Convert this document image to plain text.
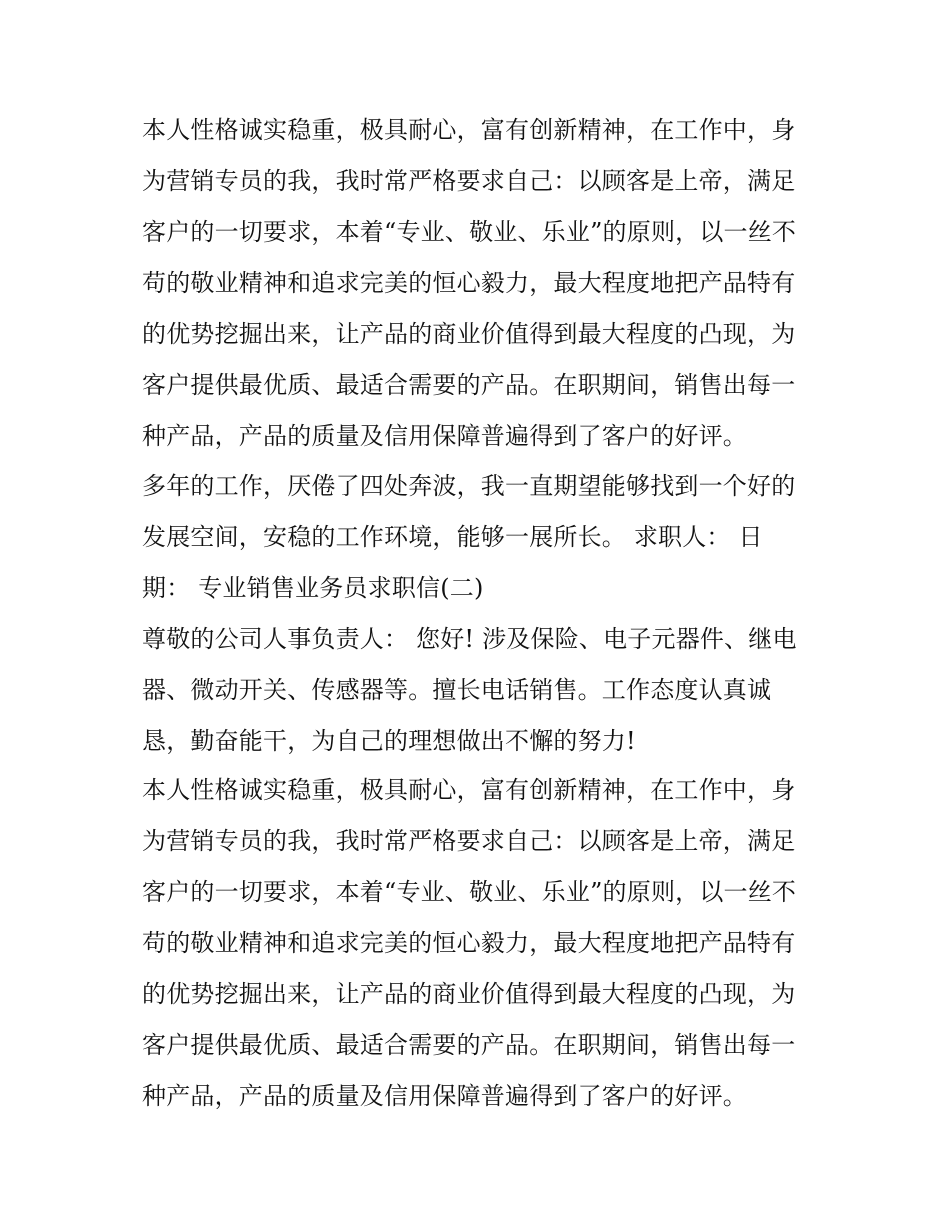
本人性格诚实稳重，极具耐心，富有创新精神，在工作中，身
为营销专员的我，我时常严格要求自己：以顾客是上帝，满足
客户的一切要求，本着“专业、敬业、乐业”的原则，以一丝不
苟的敬业精神和追求完美的恒心毅力，最大程度地把产品特有
的优势挖掘出来，让产品的商业价值得到最大程度的凸现，为
客户提供最优质、最适合需要的产品。在职期间，销售出每一
种产品，产品的质量及信用保障普遍得到了客户的好评。
多年的工作，厌倦了四处奔波，我一直期望能够找到一个好的
发展空间，安稳的工作环境，能够一展所长。 求职人： 日
期： 专业销售业务员求职信(二)
尊敬的公司人事负责人： 您好! 涉及保险、电子元器件、继电
器、微动开关、传感器等。擅长电话销售。工作态度认真诚
恳，勤奋能干，为自己的理想做出不懈的努力!
本人性格诚实稳重，极具耐心，富有创新精神，在工作中，身
为营销专员的我，我时常严格要求自己：以顾客是上帝，满足
客户的一切要求，本着“专业、敬业、乐业”的原则，以一丝不
苟的敬业精神和追求完美的恒心毅力，最大程度地把产品特有
的优势挖掘出来，让产品的商业价值得到最大程度的凸现，为
客户提供最优质、最适合需要的产品。在职期间，销售出每一
种产品，产品的质量及信用保障普遍得到了客户的好评。
